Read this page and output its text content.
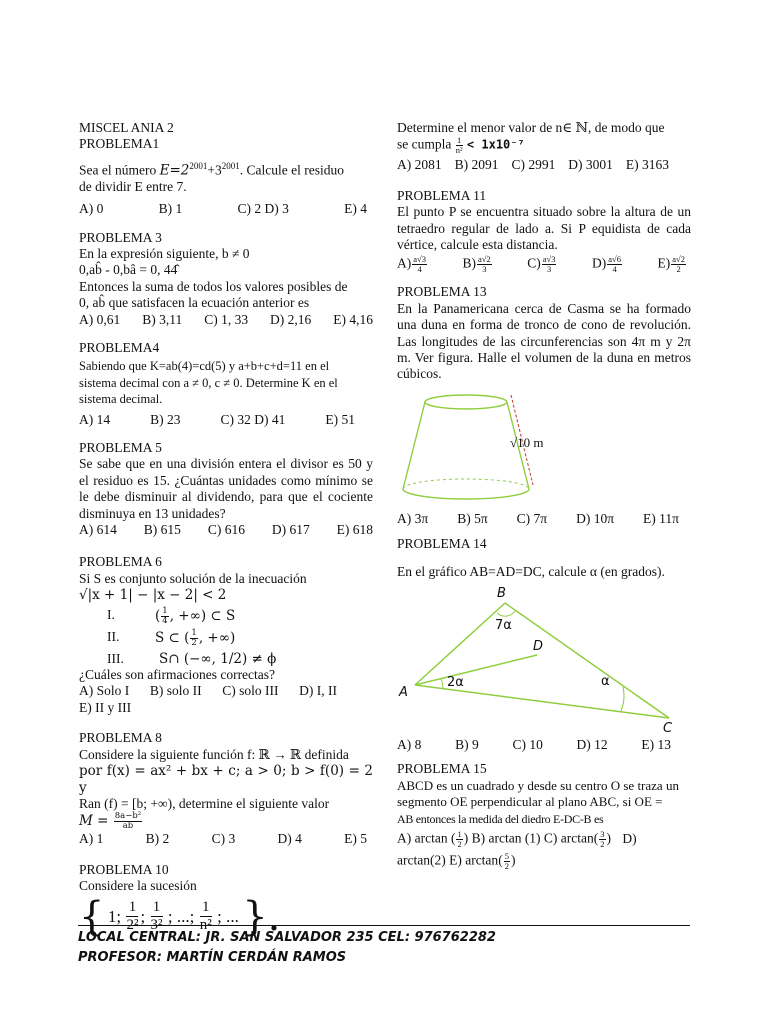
MISCEL ANIA 2

PROBLEMA1

Sea el número $E=2^{2001}+3^{2001}$. Calcule el residuo

de dividir E entre 7.

A) 0	B) 1	C) 2 D) 3	E) 4

PROBLEMA 3

En la expresión siguiente, b ≠ 0

0,ab̂ - 0,bâ = 0, 44̂

Entonces la suma de todos los valores posibles de

0, ab̂ que satisfacen la ecuación anterior es

A) 0,61 B) 3,11 C) 1, 33 D) 2,16 E) 4,16

PROBLEMA4

Sabiendo que K=ab(4)=cd(5) y a+b+c+d=11 en el

sistema decimal con a ≠ 0, c ≠ 0. Determine K en el

sistema decimal.

A) 14	B) 23	C) 32 D) 41	E) 51

PROBLEMA 5

Se sabe que en una división entera el divisor es 50 y el residuo es 15. ¿Cuántas unidades como mínimo se le debe disminuir al dividendo, para que el cociente disminuya en 13 unidades?

A) 614 B) 615 C) 616 D) 617 E) 618

PROBLEMA 6

Si S es conjunto solución de la inecuación

√|x + 1| − |x − 2| < 2

I.	( $\frac{1}{4}$ , +∞) ⊂ S
II.	S ⊂ ( $\frac{1}{2}$ , +∞)
III.	S∩ (−∞, 1/2) ≠ ϕ

¿Cuáles son afirmaciones correctas?

A) Solo I B) solo II C) solo III D) I, II

E) II y III

PROBLEMA 8

Considere la siguiente función f: ℝ → ℝ definida

por f(x) = ax² + bx + c; a > 0; b > f(0) = 2 y

Ran (f) = [b; +∞), determine el siguiente valor

$M = \frac{\text{8a−b²}}{ab}$

A) 1	B) 2	C) 3	D) 4	E) 5

PROBLEMA 10

Considere la sucesión

{ 1; $\frac{1}{\text{2²}}$ ; $\frac{1}{\text{3²}}$ ; ...; $\frac{1}{\text{n²}}$ ; ... }.

Determine el menor valor de n∈ ℕ, de modo que

se cumpla $\frac{1}{\text{n²}} < 1x10^{-7}$

A) 2081 B) 2091 C) 2991 D) 3001 E) 3163

PROBLEMA 11

El punto P se encuentra situado sobre la altura de un tetraedro regular de lado a. Si P equidista de cada vértice, calcule esta distancia.

$A) \frac{a√3}{4}$	$B) \frac{a√2}{3}$	$C) \frac{a√3}{3}$	$D) \frac{a√6}{4}$	$E) \frac{a√2}{2}$

PROBLEMA 13

En la Panamericana cerca de Casma se ha formado una duna en forma de tronco de cono de revolución. Las longitudes de las circunferencias son 4π m y 2π m. Ver figura. Halle el volumen de la duna en metros cúbicos.

√10 m

A) 3π B) 5π C) 7π D) 10π E) 11π

PROBLEMA 14

En el gráfico AB=AD=DC, calcule α (en grados).

B
D
A
C
7α
2α	α

A) 8 B) 9 C) 10 D) 12 E) 13

PROBLEMA 15

ABCD es un cuadrado y desde su centro O se traza un

segmento OE perpendicular al plano ABC, si OE =

AB entonces la medida del diedro E-DC-B es

A) arctan ( $\frac{1}{2}$ ) B) arctan (1) C) $\arctan( \frac{3}{2}$ ) D)

arctan(2) E) $\arctan( \frac{5}{2}$ )

LOCAL CENTRAL: JR. SAN SALVADOR 235 CEL: 976762282
PROFESOR: MARTÍN CERDÁN RAMOS
